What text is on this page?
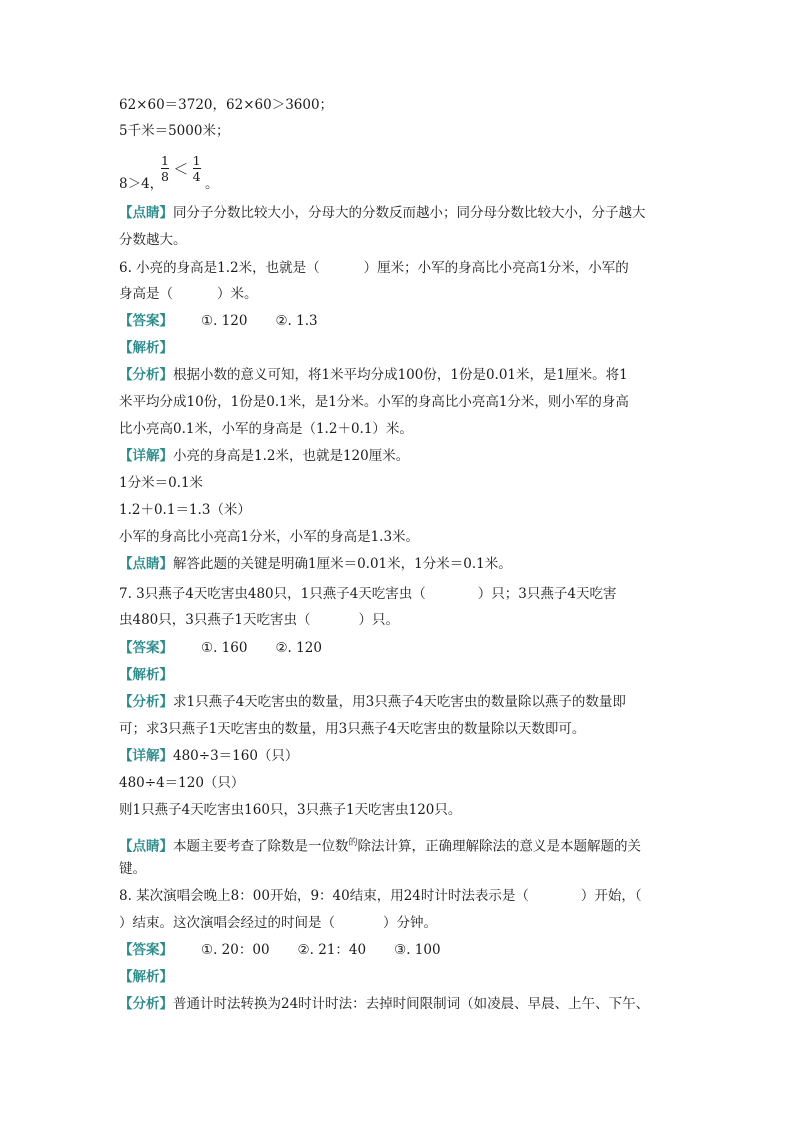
62×60＝3720，62×60＞3600；
5千米＝5000米；
8＞4，
$\frac{1}{8} < \frac{1}{4}$ 。
【点睛】同分子分数比较大小，分母大的分数反而越小；同分母分数比较大小，分子越大
分数越大。
6. 小亮的身高是1.2米，也就是（	）厘米；小军的身高比小亮高1分米，小军的
身高是（	）米。
【答案】 ①. 120 ②. 1.3
【解析】
【分析】根据小数的意义可知，将1米平均分成100份，1份是0.01米，是1厘米。将1
米平均分成10份，1份是0.1米，是1分米。小军的身高比小亮高1分米，则小军的身高
比小亮高0.1米，小军的身高是（1.2＋0.1）米。
【详解】小亮的身高是1.2米，也就是120厘米。
1分米＝0.1米
1.2＋0.1＝1.3（米）
小军的身高比小亮高1分米，小军的身高是1.3米。
【点睛】解答此题的关键是明确1厘米＝0.01米，1分米＝0.1米。
7. 3只燕子4天吃害虫480只，1只燕子4天吃害虫（	）只；3只燕子4天吃害
虫480只，3只燕子1天吃害虫（	）只。
【答案】 ①. 160 ②. 120
【解析】
【分析】求1只燕子4天吃害虫的数量，用3只燕子4天吃害虫的数量除以燕子的数量即
可；求3只燕子1天吃害虫的数量，用3只燕子4天吃害虫的数量除以天数即可。
【详解】480÷3＝160（只）
480÷4＝120（只）
则1只燕子4天吃害虫160只，3只燕子1天吃害虫120只。
【点睛】本题主要考查了除数是一位数$^的$除法计算，正确理解除法的意义是本题解题的关
键。
8. 某次演唱会晚上8：00开始，9：40结束，用24时计时法表示是（	）开始，（
）结束。这次演唱会经过的时间是（	）分钟。
【答案】 ①. 20：00 ②. 21：40 ③. 100
【解析】
【分析】普通计时法转换为24时计时法：去掉时间限制词（如凌晨、早晨、上午、下午、
